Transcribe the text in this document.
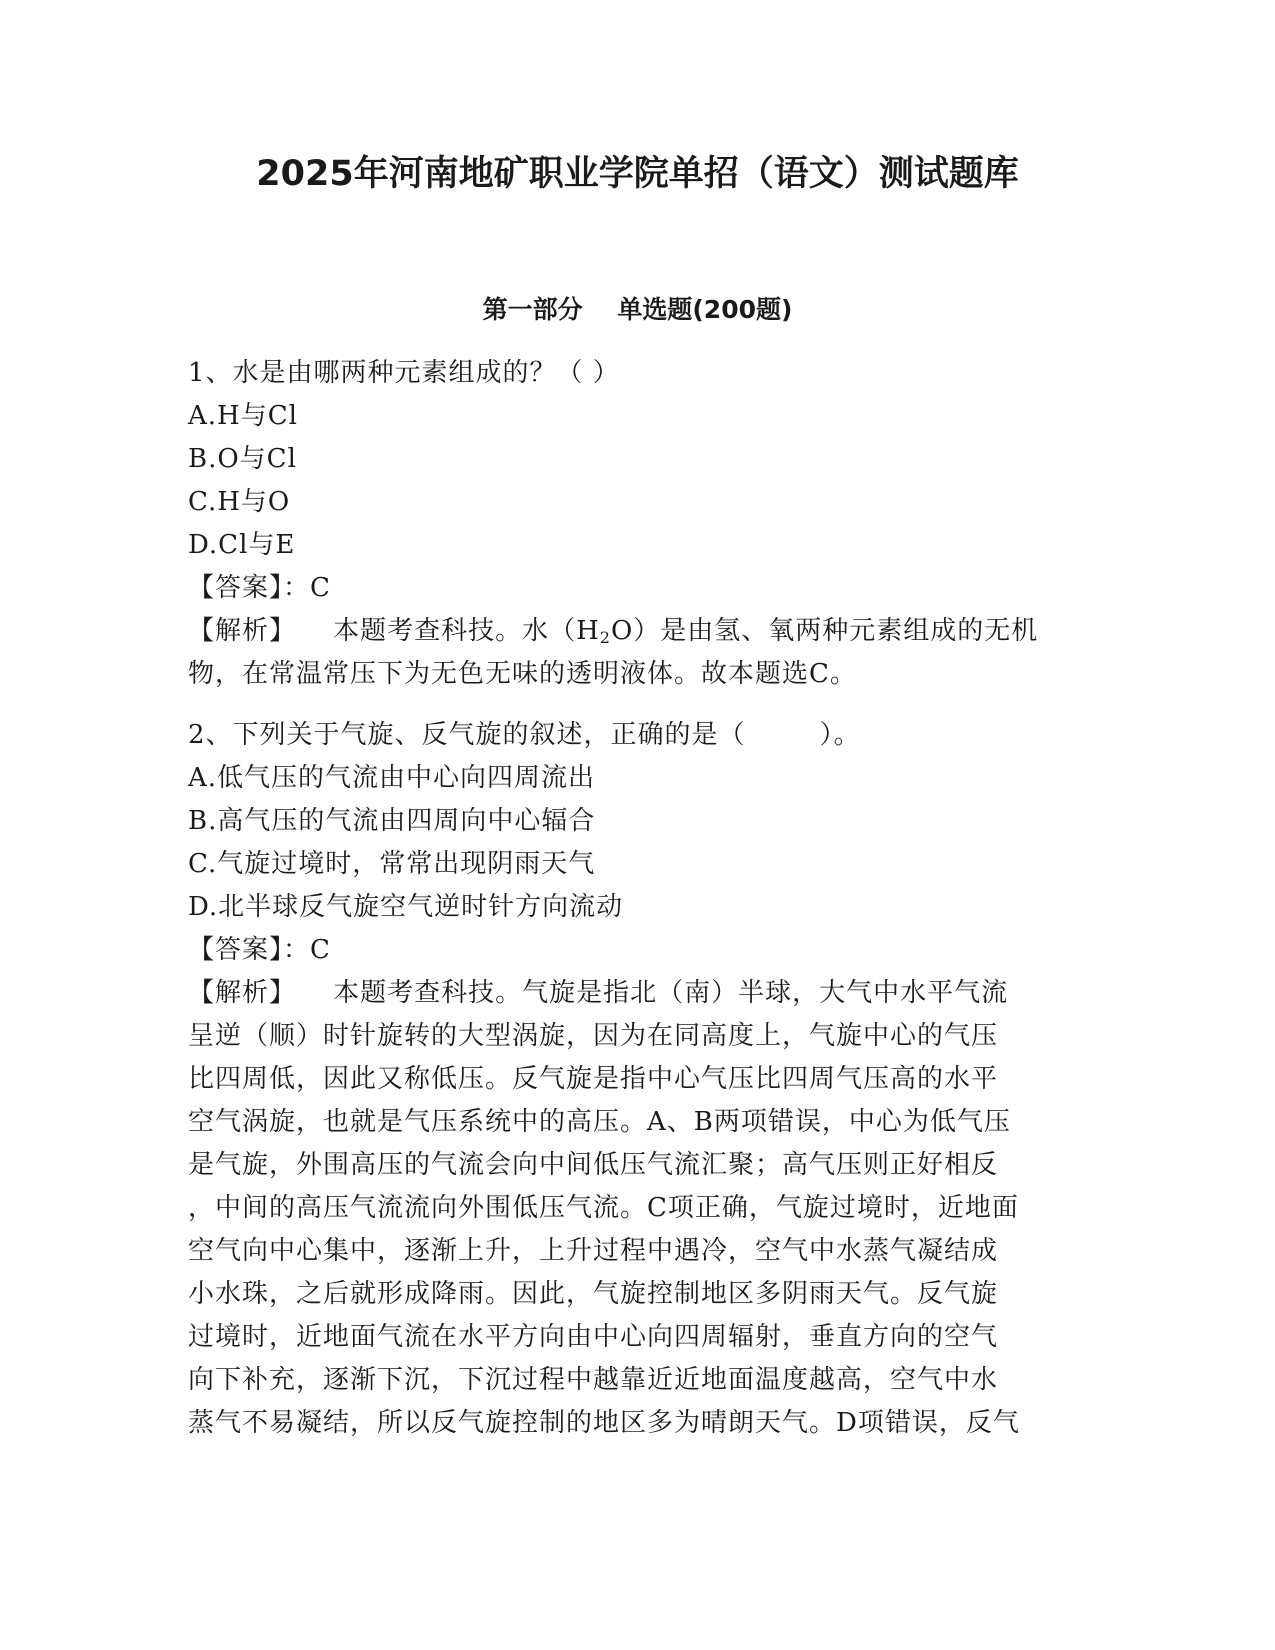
2025年河南地矿职业学院单招（语文）测试题库
第一部分    单选题(200题)
1、水是由哪两种元素组成的？（ ）
A.H与Cl
B.O与Cl
C.H与O
D.Cl与E
【答案】：C
【解析】    本题考查科技。水$(H_2O)$是由氢、氧两种元素组成的无机
物，在常温常压下为无色无味的透明液体。故本题选C。
2、下列关于气旋、反气旋的叙述，正确的是（        ）。
A.低气压的气流由中心向四周流出
B.高气压的气流由四周向中心辐合
C.气旋过境时，常常出现阴雨天气
D.北半球反气旋空气逆时针方向流动
【答案】：C
【解析】    本题考查科技。气旋是指北（南）半球，大气中水平气流
呈逆（顺）时针旋转的大型涡旋，因为在同高度上，气旋中心的气压
比四周低，因此又称低压。反气旋是指中心气压比四周气压高的水平
空气涡旋，也就是气压系统中的高压。A、B两项错误，中心为低气压
是气旋，外围高压的气流会向中间低压气流汇聚；高气压则正好相反
，中间的高压气流流向外围低压气流。C项正确，气旋过境时，近地面
空气向中心集中，逐渐上升，上升过程中遇冷，空气中水蒸气凝结成
小水珠，之后就形成降雨。因此，气旋控制地区多阴雨天气。反气旋
过境时，近地面气流在水平方向由中心向四周辐射，垂直方向的空气
向下补充，逐渐下沉，下沉过程中越靠近近地面温度越高，空气中水
蒸气不易凝结，所以反气旋控制的地区多为晴朗天气。D项错误，反气
